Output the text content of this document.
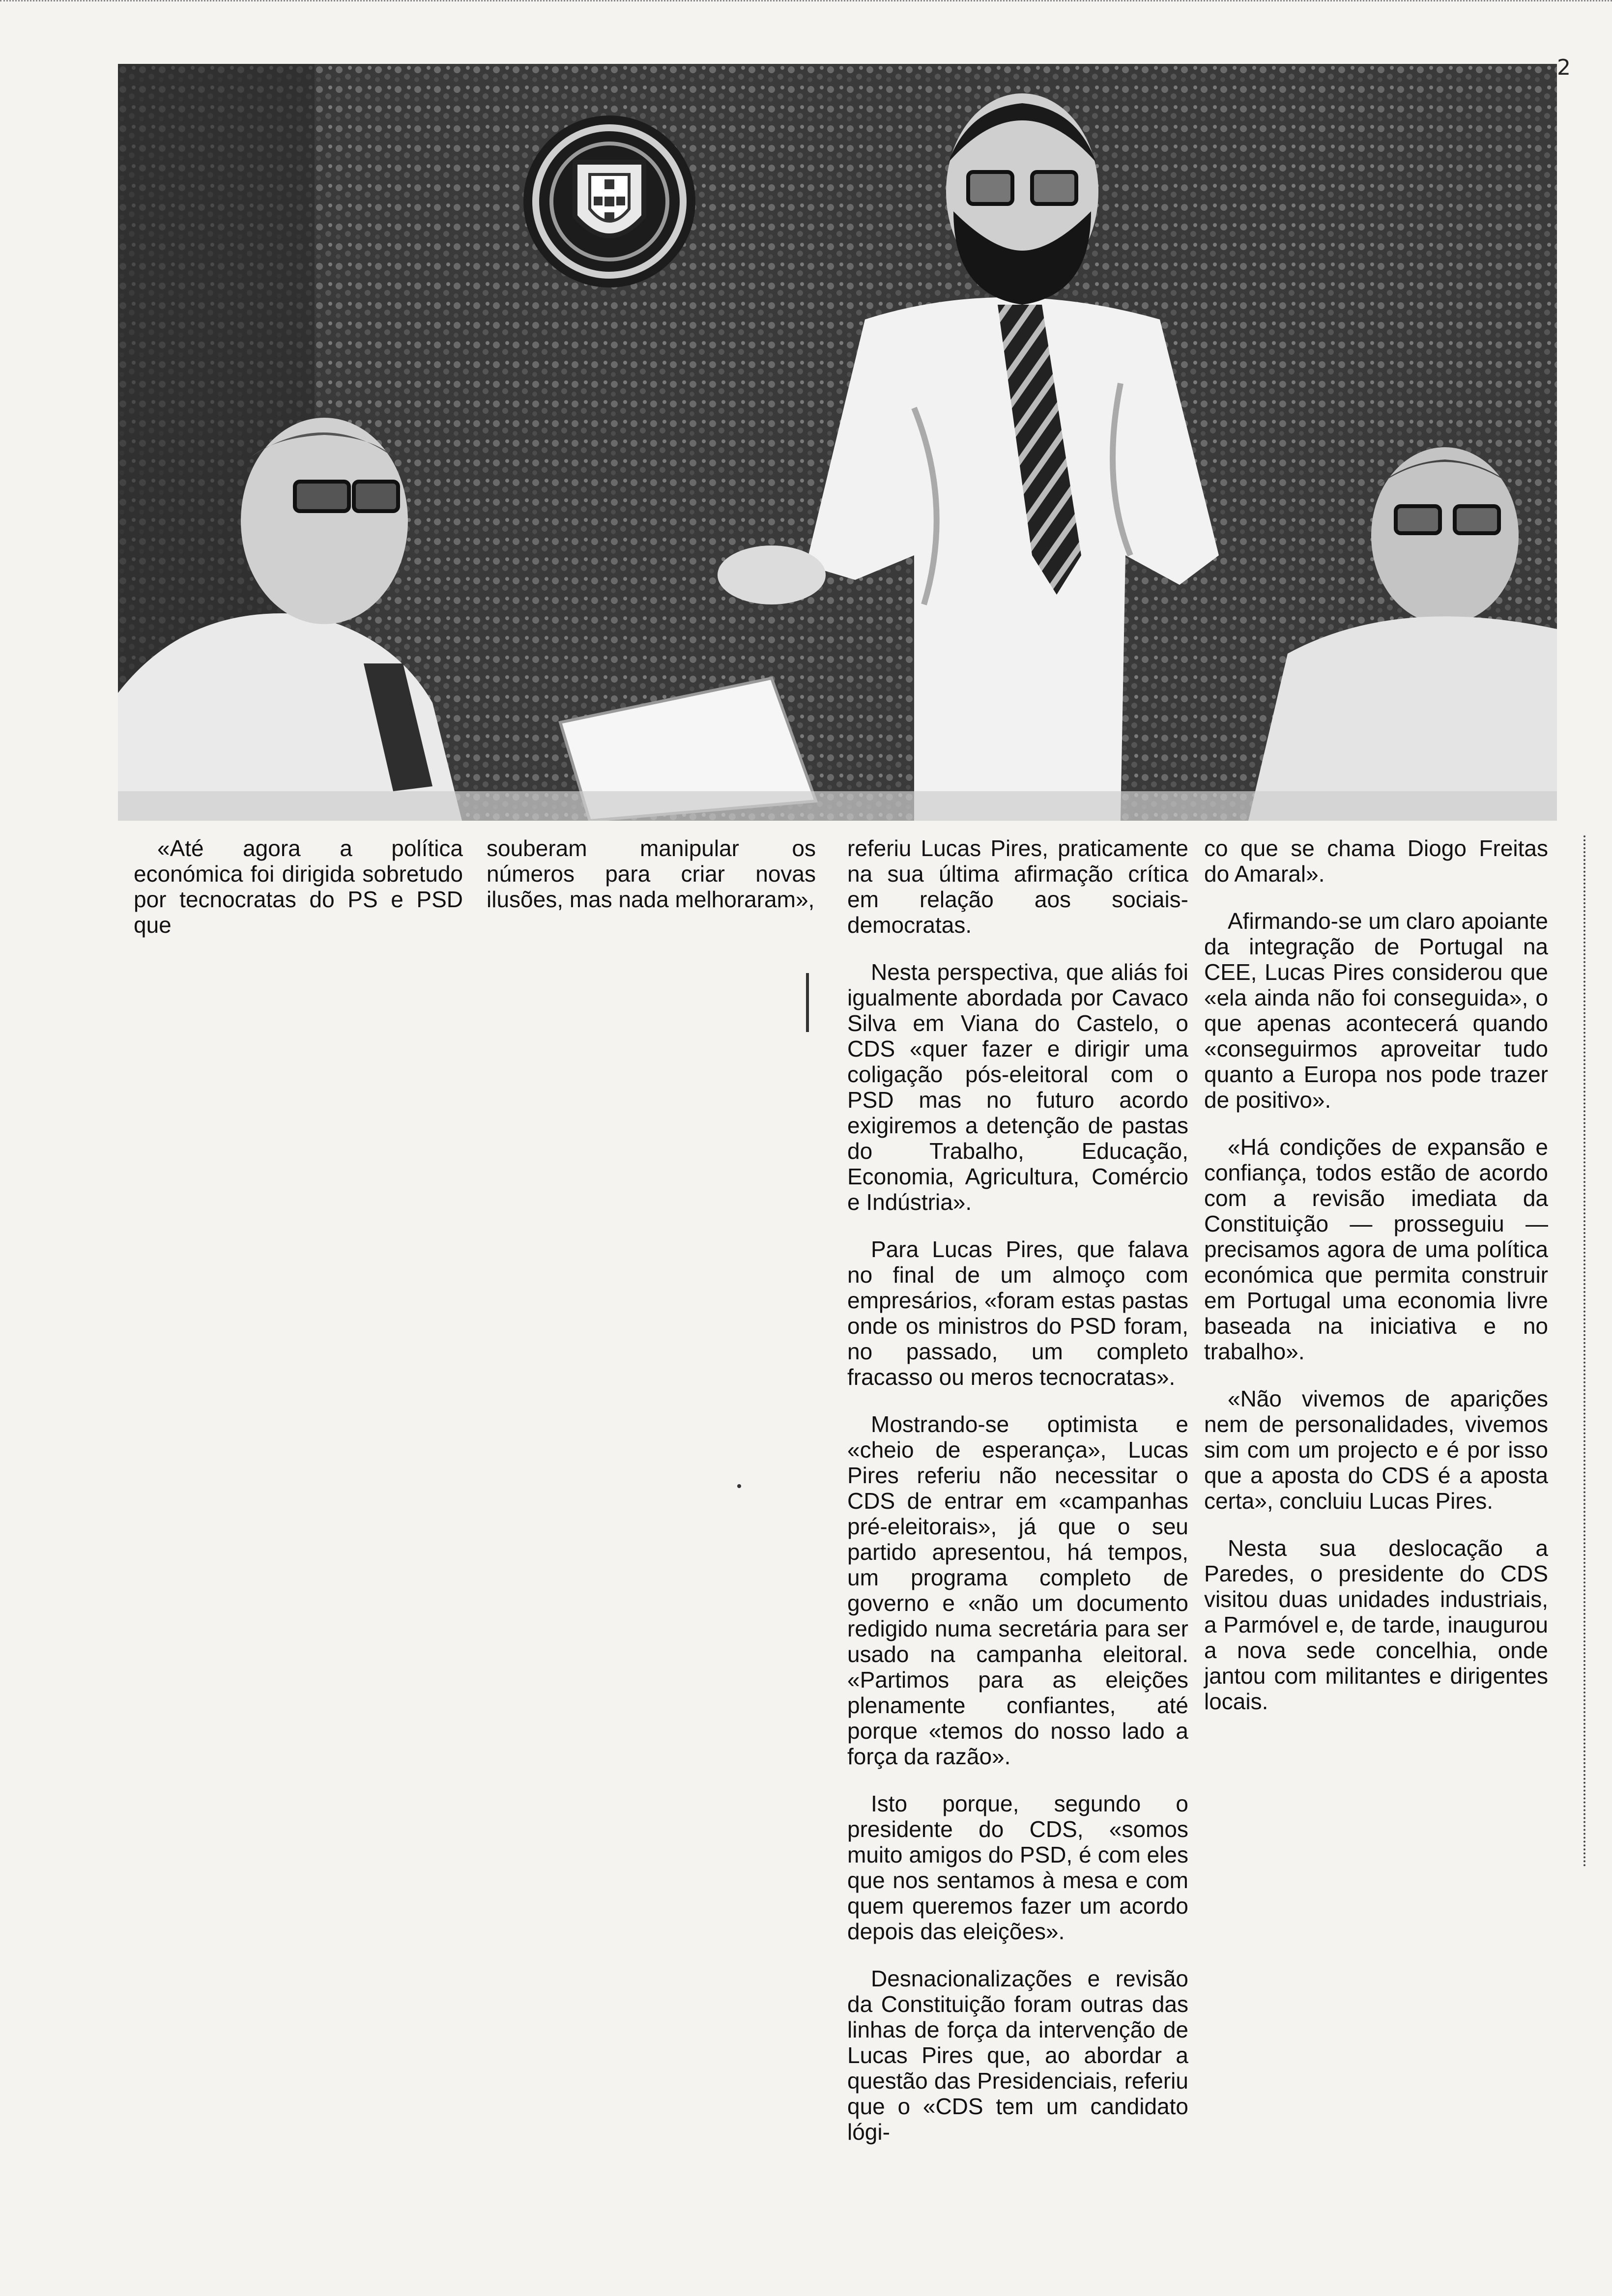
2

«Até agora a política económica foi dirigida sobretudo por tecnocratas do PS e PSD que

souberam manipular os números para criar novas ilusões, mas nada melhoraram»,

referiu Lucas Pires, praticamente na sua última afirmação crítica em relação aos sociais-democratas.

Nesta perspectiva, que aliás foi igualmente abordada por Cavaco Silva em Viana do Castelo, o CDS «quer fazer e dirigir uma coligação pós-eleitoral com o PSD mas no futuro acordo exigiremos a detenção de pastas do Trabalho, Educação, Economia, Agricultura, Comércio e Indústria».

Para Lucas Pires, que falava no final de um almoço com empresários, «foram estas pastas onde os ministros do PSD foram, no passado, um completo fracasso ou meros tecnocratas».

Mostrando-se optimista e «cheio de esperança», Lucas Pires referiu não necessitar o CDS de entrar em «campanhas pré-eleitorais», já que o seu partido apresentou, há tempos, um programa completo de governo e «não um documento redigido numa secretária para ser usado na campanha eleitoral. «Partimos para as eleições plenamente confiantes, até porque «temos do nosso lado a força da razão».

Isto porque, segundo o presidente do CDS, «somos muito amigos do PSD, é com eles que nos sentamos à mesa e com quem queremos fazer um acordo depois das eleições».

Desnacionalizações e revisão da Constituição foram outras das linhas de força da intervenção de Lucas Pires que, ao abordar a questão das Presidenciais, referiu que o «CDS tem um candidato lógi-

co que se chama Diogo Freitas do Amaral».

Afirmando-se um claro apoiante da integração de Portugal na CEE, Lucas Pires considerou que «ela ainda não foi conseguida», o que apenas acontecerá quando «conseguirmos aproveitar tudo quanto a Europa nos pode trazer de positivo».

«Há condições de expansão e confiança, todos estão de acordo com a revisão imediata da Constituição — prosseguiu — precisamos agora de uma política económica que permita construir em Portugal uma economia livre baseada na iniciativa e no trabalho».

«Não vivemos de aparições nem de personalidades, vivemos sim com um projecto e é por isso que a aposta do CDS é a aposta certa», concluiu Lucas Pires.

Nesta sua deslocação a Paredes, o presidente do CDS visitou duas unidades industriais, a Parmóvel e, de tarde, inaugurou a nova sede concelhia, onde jantou com militantes e dirigentes locais.
